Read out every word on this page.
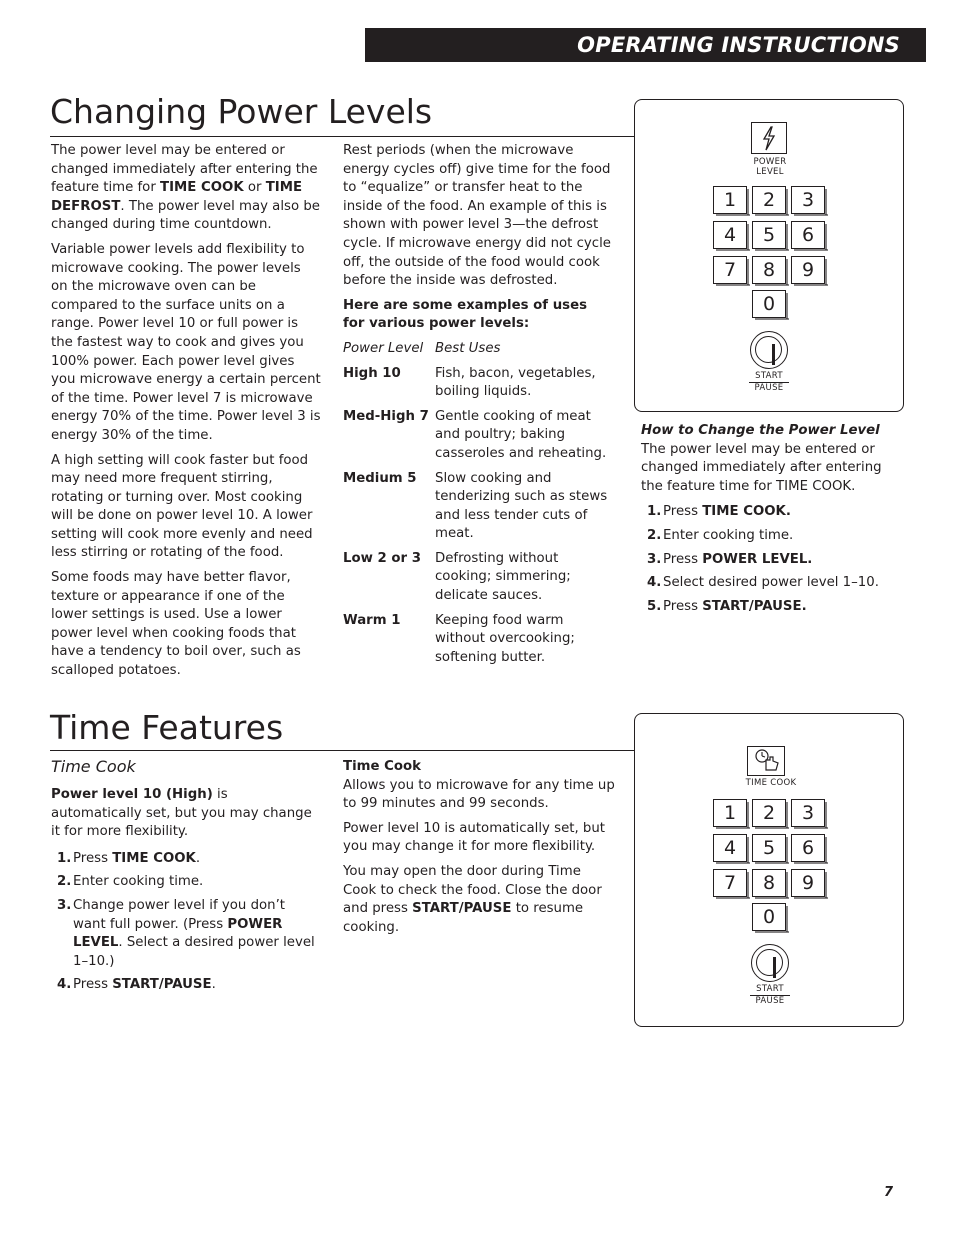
OPERATING INSTRUCTIONS
Changing Power Levels

The power level may be entered or changed immediately after entering the feature time for TIME COOK or TIME DEFROST. The power level may also be changed during time countdown.

Variable power levels add flexibility to microwave cooking. The power levels on the microwave oven can be compared to the surface units on a range. Power level 10 or full power is the fastest way to cook and gives you 100% power. Each power level gives you microwave energy a certain percent of the time. Power level 7 is microwave energy 70% of the time. Power level 3 is energy 30% of the time.

A high setting will cook faster but food may need more frequent stirring, rotating or turning over. Most cooking will be done on power level 10. A lower setting will cook more evenly and need less stirring or rotating of the food.

Some foods may have better flavor, texture or appearance if one of the lower settings is used. Use a lower power level when cooking foods that have a tendency to boil over, such as scalloped potatoes.

Rest periods (when the microwave energy cycles off) give time for the food to “equalize” or transfer heat to the inside of the food. An example of this is shown with power level 3—the defrost cycle. If microwave energy did not cycle off, the outside of the food would cook before the inside was defrosted.

Here are some examples of uses for various power levels:

Power Level	Best Uses
High 10	Fish, bacon, vegetables, boiling liquids.
Med-High 7	Gentle cooking of meat and poultry; baking casseroles and reheating.
Medium 5	Slow cooking and tenderizing such as stews and less tender cuts of meat.
Low 2 or 3	Defrosting without cooking; simmering; delicate sauces.
Warm 1	Keeping food warm without overcooking; softening butter.
POWER
LEVEL
1	2	3
4	5	6
7	8	9
0
START
PAUSE
How to Change the Power Level
The power level may be entered or changed immediately after entering the feature time for TIME COOK.
1. Press TIME COOK.
2. Enter cooking time.
3. Press POWER LEVEL.
4. Select desired power level 1–10.
5. Press START/PAUSE.
Time Features
Time Cook

Power level 10 (High) is automatically set, but you may change it for more flexibility.

1. Press TIME COOK.
2. Enter cooking time.
3. Change power level if you don’t want full power. (Press POWER LEVEL. Select a desired power level 1–10.)
4. Press START/PAUSE.
Time Cook

Allows you to microwave for any time up to 99 minutes and 99 seconds.

Power level 10 is automatically set, but you may change it for more flexibility.

You may open the door during Time Cook to check the food. Close the door and press START/PAUSE to resume cooking.

TIME COOK
1	2	3
4	5	6
7	8	9
0
START
PAUSE
7
